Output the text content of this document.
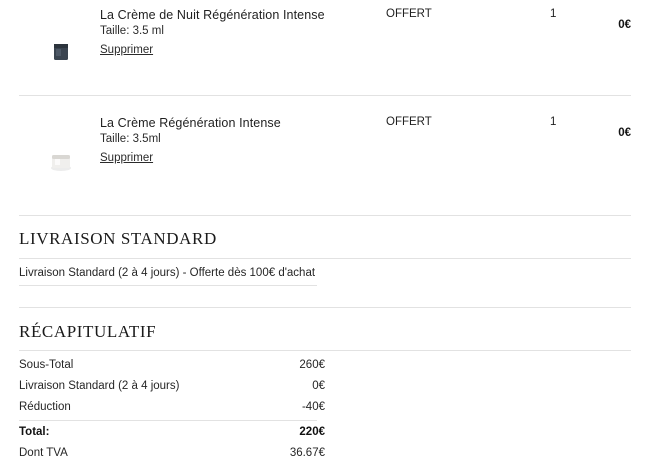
La Crème de Nuit Régénération Intense
Taille: 3.5 ml
Supprimer
OFFERT	1
0€
La Crème Régénération Intense
Taille: 3.5ml
Supprimer
OFFERT	1
0€
LIVRAISON STANDARD
Livraison Standard (2 à 4 jours) - Offerte dès 100€ d'achat
RÉCAPITULATIF
Sous-Total	260€
Livraison Standard (2 à 4 jours)	0€
Réduction	-40€
Total:	220€
Dont TVA	36.67€
